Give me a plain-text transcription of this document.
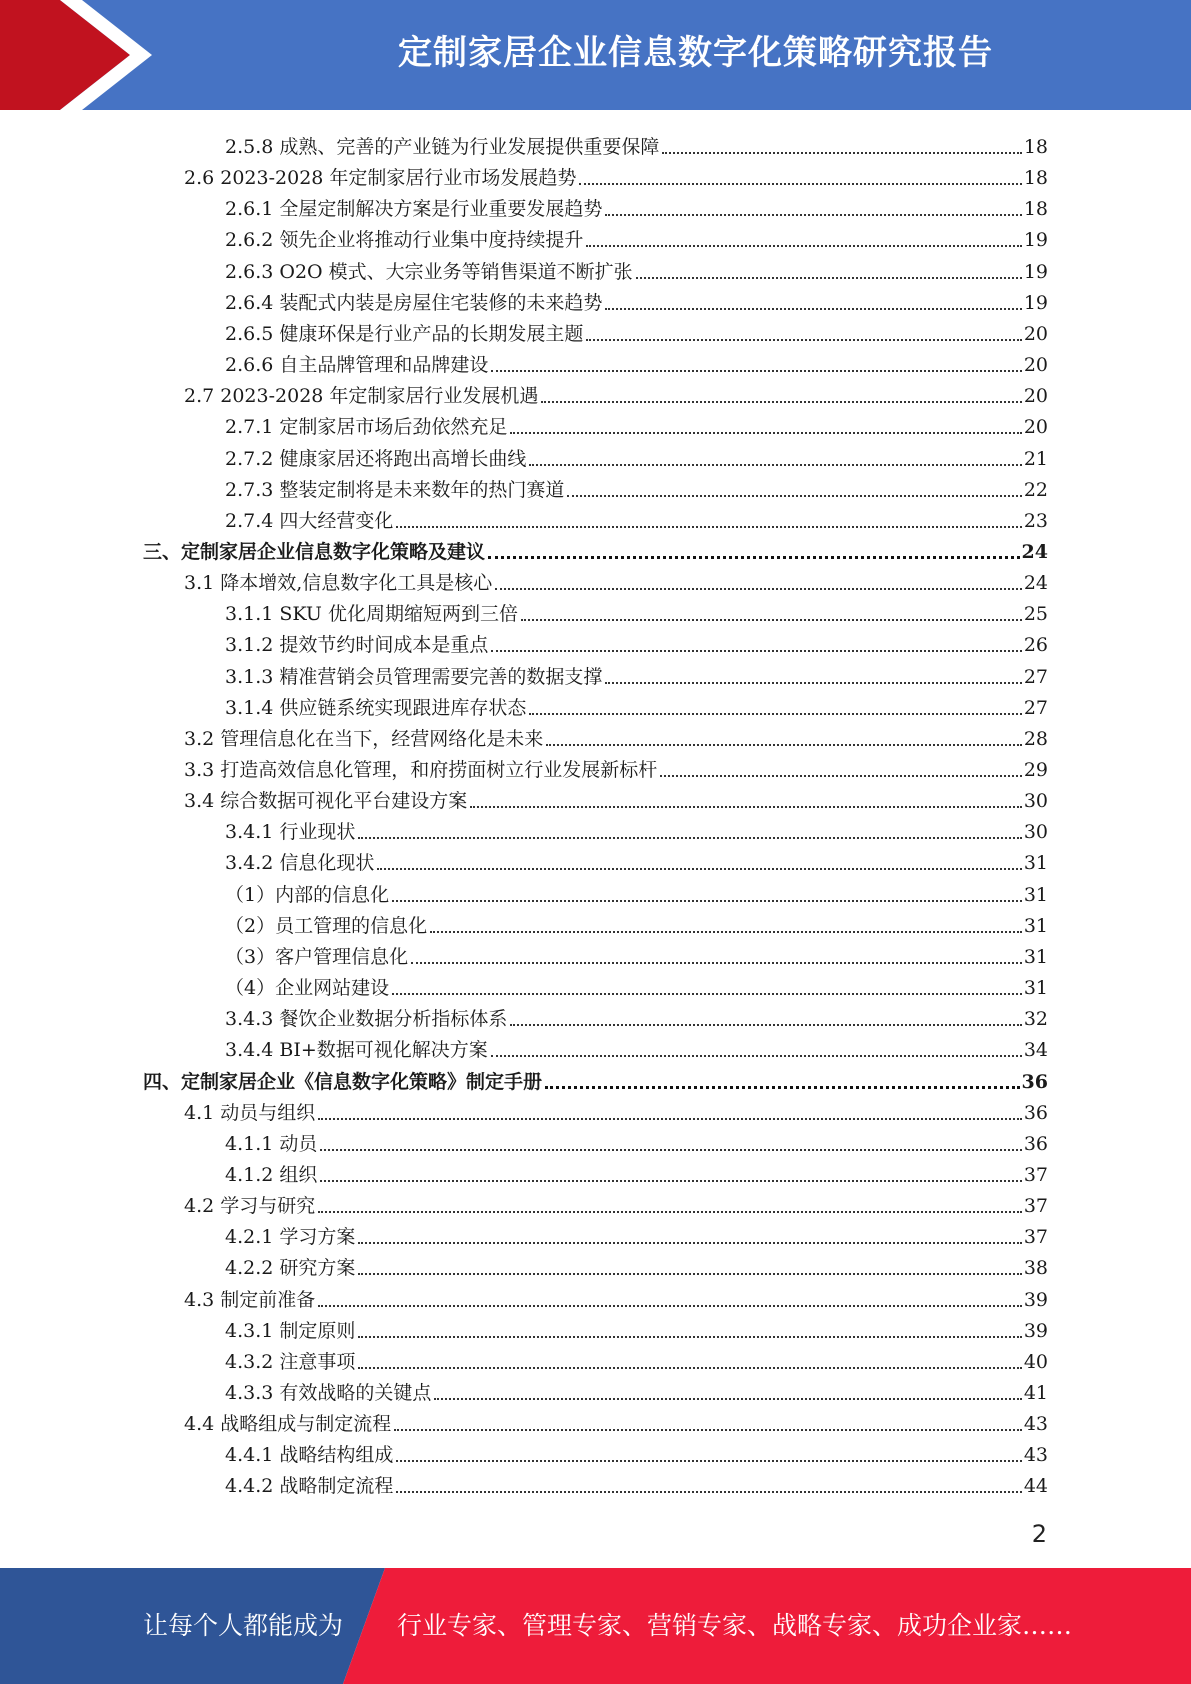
定制家居企业信息数字化策略研究报告
2.5.8 成熟、完善的产业链为行业发展提供重要保障	18
2.6 2023-2028 年定制家居行业市场发展趋势	18
2.6.1 全屋定制解决方案是行业重要发展趋势	18
2.6.2 领先企业将推动行业集中度持续提升	19
2.6.3 O2O 模式、大宗业务等销售渠道不断扩张	19
2.6.4 装配式内装是房屋住宅装修的未来趋势	19
2.6.5 健康环保是行业产品的长期发展主题	20
2.6.6 自主品牌管理和品牌建设	20
2.7 2023-2028 年定制家居行业发展机遇	20
2.7.1 定制家居市场后劲依然充足	20
2.7.2 健康家居还将跑出高增长曲线	21
2.7.3 整装定制将是未来数年的热门赛道	22
2.7.4 四大经营变化	23
三、定制家居企业信息数字化策略及建议	24
3.1 降本增效,信息数字化工具是核心	24
3.1.1 SKU 优化周期缩短两到三倍	25
3.1.2 提效节约时间成本是重点	26
3.1.3 精准营销会员管理需要完善的数据支撑	27
3.1.4 供应链系统实现跟进库存状态	27
3.2 管理信息化在当下，经营网络化是未来	28
3.3 打造高效信息化管理，和府捞面树立行业发展新标杆	29
3.4 综合数据可视化平台建设方案	30
3.4.1 行业现状	30
3.4.2 信息化现状	31
（1）内部的信息化	31
（2）员工管理的信息化	31
（3）客户管理信息化	31
（4）企业网站建设	31
3.4.3 餐饮企业数据分析指标体系	32
3.4.4 BI+数据可视化解决方案	34
四、定制家居企业《信息数字化策略》制定手册	36
4.1 动员与组织	36
4.1.1 动员	36
4.1.2 组织	37
4.2 学习与研究	37
4.2.1 学习方案	37
4.2.2 研究方案	38
4.3 制定前准备	39
4.3.1 制定原则	39
4.3.2 注意事项	40
4.3.3 有效战略的关键点	41
4.4 战略组成与制定流程	43
4.4.1 战略结构组成	43
4.4.2 战略制定流程	44
2
让每个人都能成为 行业专家、管理专家、营销专家、战略专家、成功企业家……
